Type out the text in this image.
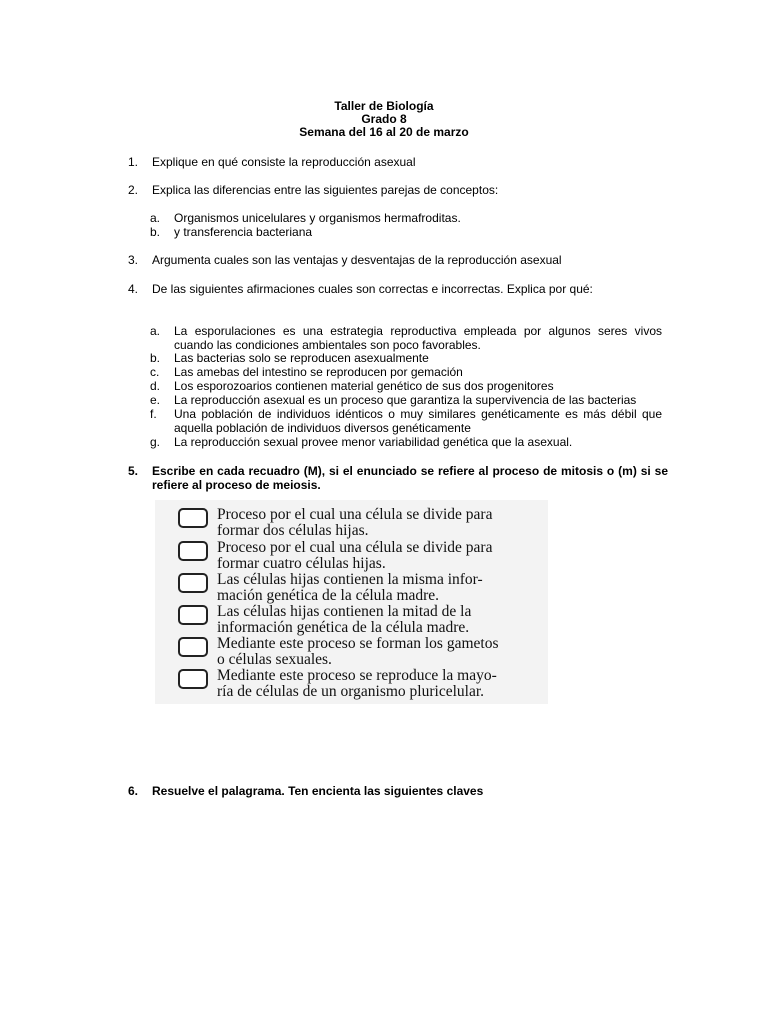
Taller de Biología
Grado 8
Semana del 16 al 20 de marzo
1.	Explique en qué consiste la reproducción asexual
2.	Explica las diferencias entre las siguientes parejas de conceptos:
a. Organismos unicelulares y organismos hermafroditas.
b. y transferencia bacteriana
3.	Argumenta cuales son las ventajas y desventajas de la reproducción asexual
4.	De las siguientes afirmaciones cuales son correctas e incorrectas. Explica por qué:
a. La esporulaciones es una estrategia reproductiva empleada por algunos seres vivos cuando las condiciones ambientales son poco favorables.
b. Las bacterias solo se reproducen asexualmente
c. Las amebas del intestino se reproducen por gemación
d. Los esporozoarios contienen material genético de sus dos progenitores
e. La reproducción asexual es un proceso que garantiza la supervivencia de las bacterias
f. Una población de individuos idénticos o muy similares genéticamente es más débil que aquella población de individuos diversos genéticamente
g. La reproducción sexual provee menor variabilidad genética que la asexual.
5.	Escribe en cada recuadro (M), si el enunciado se refiere al proceso de mitosis o (m) si se refiere al proceso de meiosis.
Proceso por el cual una célula se divide para
formar dos células hijas.
Proceso por el cual una célula se divide para
formar cuatro células hijas.
Las células hijas contienen la misma infor-
mación genética de la célula madre.
Las células hijas contienen la mitad de la
información genética de la célula madre.
Mediante este proceso se forman los gametos
o células sexuales.
Mediante este proceso se reproduce la mayo-
ría de células de un organismo pluricelular.
6.	Resuelve el palagrama. Ten encienta las siguientes claves
